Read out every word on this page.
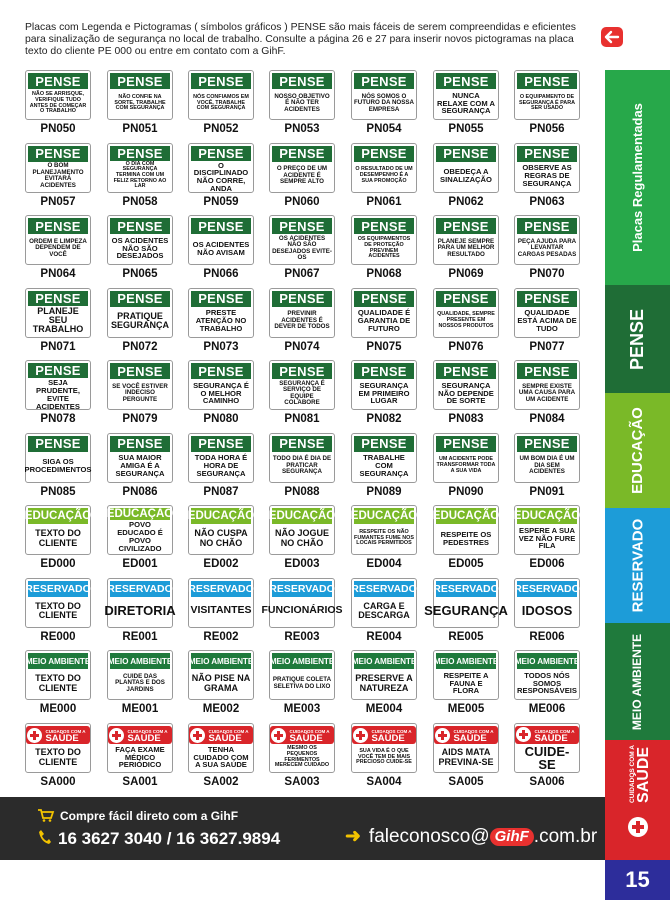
Placas com Legenda e Pictogramas ( símbolos gráficos ) PENSE são mais fáceis de serem compreendidas e eficientes para sinalização de segurança no local de trabalho. Consulte a página 26 e 27 para inserir novos pictogramas na placa texto do cliente PE 000 ou entre em contato com a GihF.
PENSE
NÃO SE ARRISQUE, VERIFIQUE TUDO ANTES DE COMEÇAR O TRABALHO
PN050
PENSE
NÃO CONFIE NA SORTE, TRABALHE COM SEGURANÇA
PN051
PENSE
NÓS CONFIAMOS EM VOCÊ, TRABALHE COM SEGURANÇA
PN052
PENSE
NOSSO OBJETIVO É NÃO TER ACIDENTES
PN053
PENSE
NÓS SOMOS O FUTURO DA NOSSA EMPRESA
PN054
PENSE
NUNCA RELAXE COM A SEGURANÇA
PN055
PENSE
O EQUIPAMENTO DE SEGURANÇA É PARA SER USADO
PN056
PENSE
O BOM PLANEJAMENTO EVITARÁ ACIDENTES
PN057
PENSE
O DIA COM SEGURANÇA TERMINA COM UM FELIZ RETORNO AO LAR
PN058
PENSE
O DISCIPLINADO NÃO CORRE, ANDA
PN059
PENSE
O PREÇO DE UM ACIDENTE É SEMPRE ALTO
PN060
PENSE
O RESULTADO DE UM DESEMPENHO É A SUA PROMOÇÃO
PN061
PENSE
OBEDEÇA A SINALIZAÇÃO
PN062
PENSE
OBSERVE AS REGRAS DE SEGURANÇA
PN063
PENSE
ORDEM E LIMPEZA DEPENDEM DE VOCÊ
PN064
PENSE
OS ACIDENTES NÃO SÃO DESEJADOS
PN065
PENSE
OS ACIDENTES NÃO AVISAM
PN066
PENSE
OS ACIDENTES NÃO SÃO DESEJADOS EVITE-OS
PN067
PENSE
OS EQUIPAMENTOS DE PROTEÇÃO PREVINEM ACIDENTES
PN068
PENSE
PLANEJE SEMPRE PARA UM MELHOR RESULTADO
PN069
PENSE
PEÇA AJUDA PARA LEVANTAR CARGAS PESADAS
PN070
PENSE
PLANEJE SEU TRABALHO
PN071
PENSE
PRATIQUE SEGURANÇA
PN072
PENSE
PRESTE ATENÇÃO NO TRABALHO
PN073
PENSE
PREVINIR ACIDENTES É DEVER DE TODOS
PN074
PENSE
QUALIDADE É GARANTIA DE FUTURO
PN075
PENSE
QUALIDADE, SEMPRE PRESENTE EM NOSSOS PRODUTOS
PN076
PENSE
QUALIDADE ESTÁ ACIMA DE TUDO
PN077
PENSE
SEJA PRUDENTE, EVITE ACIDENTES
PN078
PENSE
SE VOCÊ ESTIVER INDECISO PERGUNTE
PN079
PENSE
SEGURANÇA É O MELHOR CAMINHO
PN080
PENSE
SEGURANÇA É SERVIÇO DE EQUIPE COLABORE
PN081
PENSE
SEGURANÇA EM PRIMEIRO LUGAR
PN082
PENSE
SEGURANÇA NÃO DEPENDE DE SORTE
PN083
PENSE
SEMPRE EXISTE UMA CAUSA PARA UM ACIDENTE
PN084
PENSE
SIGA OS PROCEDIMENTOS
PN085
PENSE
SUA MAIOR AMIGA É A SEGURANÇA
PN086
PENSE
TODA HORA É HORA DE SEGURANÇA
PN087
PENSE
TODO DIA É DIA DE PRATICAR SEGURANÇA
PN088
PENSE
TRABALHE COM SEGURANÇA
PN089
PENSE
UM ACIDENTE PODE TRANSFORMAR TODA A SUA VIDA
PN090
PENSE
UM BOM DIA É UM DIA SEM ACIDENTES
PN091
EDUCAÇÃO
TEXTO DO CLIENTE
ED000
EDUCAÇÃO
POVO EDUCADO É POVO CIVILIZADO
ED001
EDUCAÇÃO
NÃO CUSPA NO CHÃO
ED002
EDUCAÇÃO
NÃO JOGUE NO CHÃO
ED003
EDUCAÇÃO
RESPEITE OS NÃO FUMANTES FUME NOS LOCAIS PERMITIDOS
ED004
EDUCAÇÃO
RESPEITE OS PEDESTRES
ED005
EDUCAÇÃO
ESPERE A SUA VEZ NÃO FURE FILA
ED006
RESERVADO
TEXTO DO CLIENTE
RE000
RESERVADO
DIRETORIA
RE001
RESERVADO
VISITANTES
RE002
RESERVADO
FUNCIONÁRIOS
RE003
RESERVADO
CARGA E DESCARGA
RE004
RESERVADO
SEGURANÇA
RE005
RESERVADO
IDOSOS
RE006
MEIO AMBIENTE
TEXTO DO CLIENTE
ME000
MEIO AMBIENTE
CUIDE DAS PLANTAS E DOS JARDINS
ME001
MEIO AMBIENTE
NÃO PISE NA GRAMA
ME002
MEIO AMBIENTE
PRATIQUE COLETA SELETIVA DO LIXO
ME003
MEIO AMBIENTE
PRESERVE A NATUREZA
ME004
MEIO AMBIENTE
RESPEITE A FAUNA E FLORA
ME005
MEIO AMBIENTE
TODOS NÓS SOMOS RESPONSÁVEIS
ME006
CUIDADOS COM A
SAÚDE
TEXTO DO CLIENTE
SA000
CUIDADOS COM A
SAÚDE
FAÇA EXAME MÉDICO PERIÓDICO
SA001
CUIDADOS COM A
SAÚDE
TENHA CUIDADO COM A SUA SAÚDE
SA002
CUIDADOS COM A
SAÚDE
MESMO OS PEQUENOS FERIMENTOS MERECEM CUIDADO
SA003
CUIDADOS COM A
SAÚDE
SUA VIDA É O QUE VOCÊ TEM DE MAIS PRECIOSO CUIDE-SE
SA004
CUIDADOS COM A
SAÚDE
AIDS MATA PREVINA-SE
SA005
CUIDADOS COM A
SAÚDE
CUIDE-SE
SA006
Placas Regulamentadas
PENSE
EDUCAÇÃO
RESERVADO
MEIO AMBIENTE
CUIDADOS COM A SAÚDE
Compre fácil direto com a GihF
16 3627 3040 / 16 3627.9894	➜ faleconosco@ GihF .com.br
15
